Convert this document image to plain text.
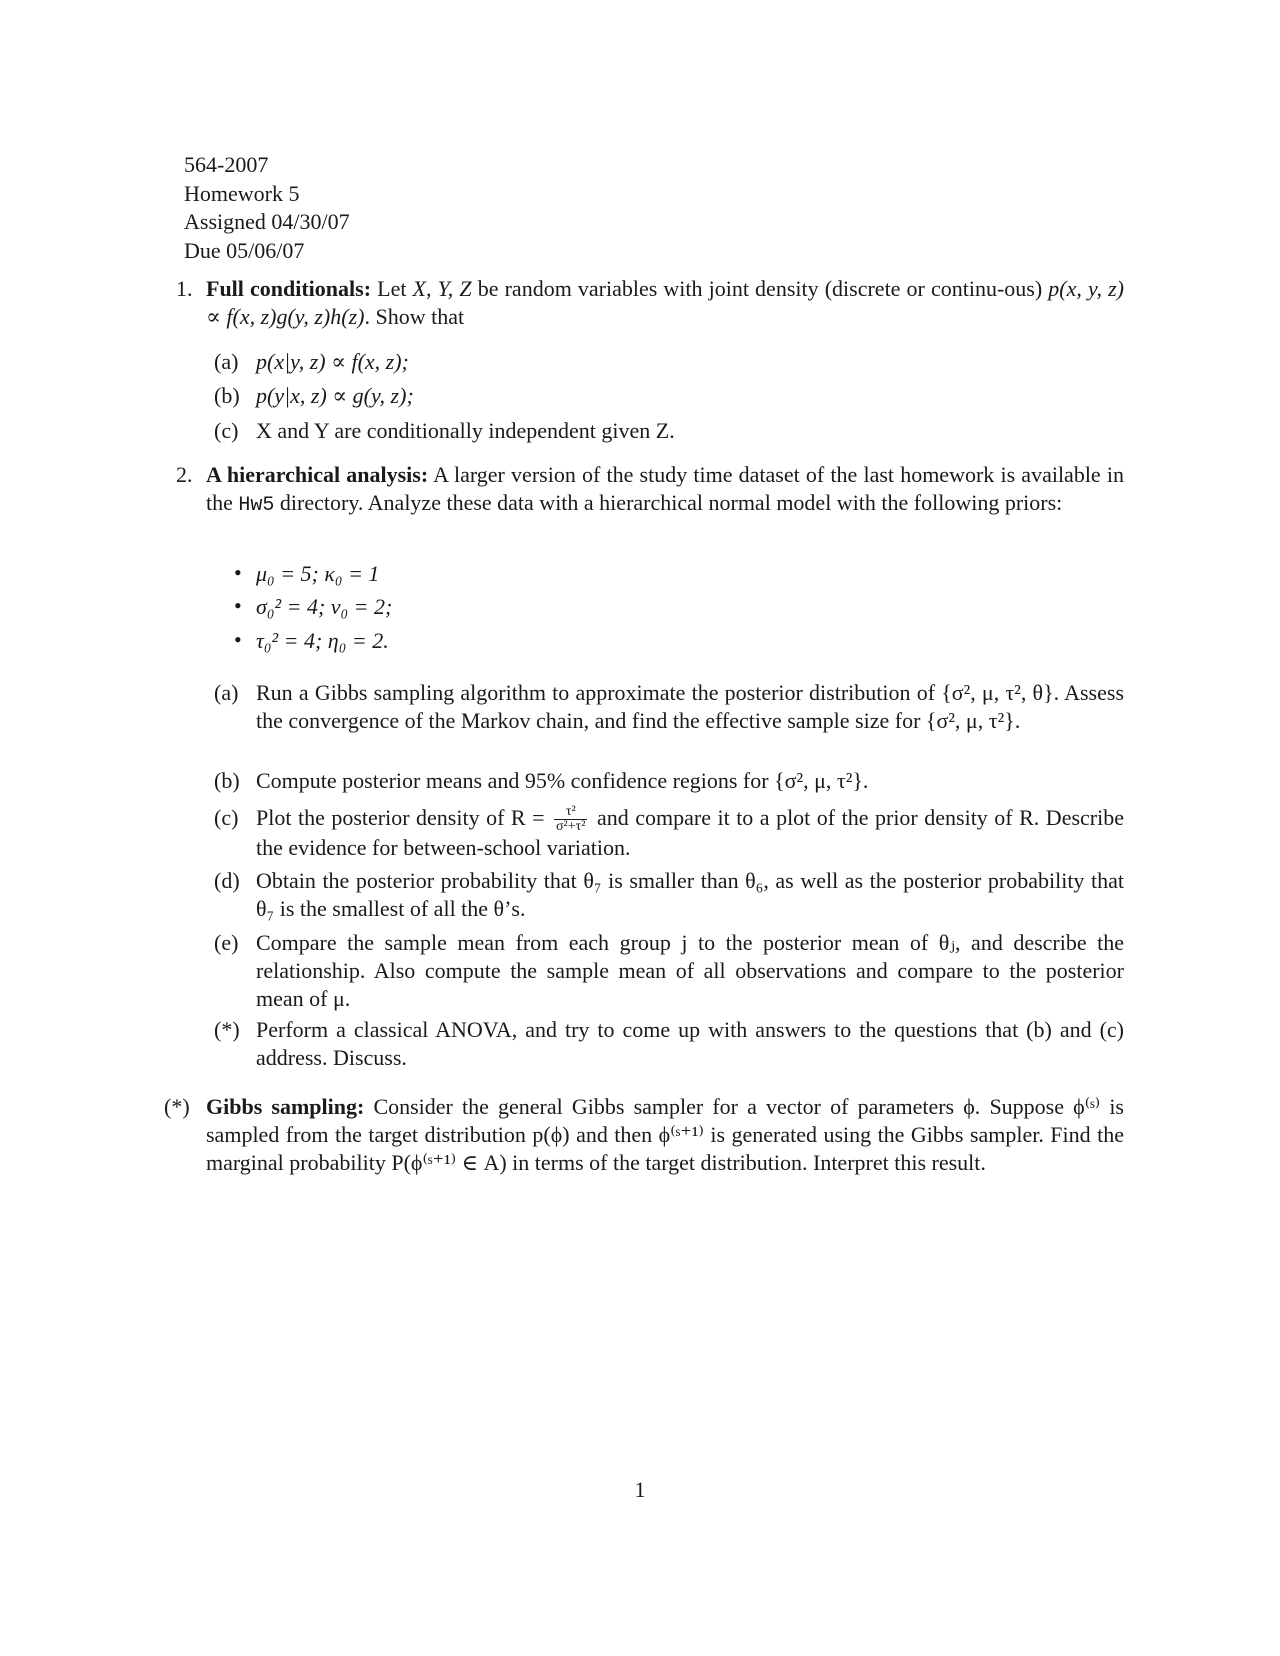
564-2007
Homework 5
Assigned 04/30/07
Due 05/06/07
1. Full conditionals: Let X, Y, Z be random variables with joint density (discrete or continu-ous) p(x, y, z) ∝ f(x, z)g(y, z)h(z). Show that
(a) p(x|y, z) ∝ f(x, z);
(b) p(y|x, z) ∝ g(y, z);
(c) X and Y are conditionally independent given Z.
2. A hierarchical analysis: A larger version of the study time dataset of the last homework is available in the Hw5 directory. Analyze these data with a hierarchical normal model with the following priors:
• μ₀ = 5; κ₀ = 1
• σ₀² = 4; ν₀ = 2;
• τ₀² = 4; η₀ = 2.
(a) Run a Gibbs sampling algorithm to approximate the posterior distribution of {σ², μ, τ², θ}. Assess the convergence of the Markov chain, and find the effective sample size for {σ², μ, τ²}.
(b) Compute posterior means and 95% confidence regions for {σ², μ, τ²}.
(c) Plot the posterior density of $R = \frac{\text{τ²}}{\text{σ²+τ²}}$ and compare it to a plot of the prior density of R. Describe the evidence for between-school variation.
(d) Obtain the posterior probability that θ₇ is smaller than θ₆, as well as the posterior probability that θ₇ is the smallest of all the θ’s.
(e) Compare the sample mean from each group j to the posterior mean of θⱼ, and describe the relationship. Also compute the sample mean of all observations and compare to the posterior mean of μ.
(*) Perform a classical ANOVA, and try to come up with answers to the questions that (b) and (c) address. Discuss.
(*) Gibbs sampling: Consider the general Gibbs sampler for a vector of parameters ϕ. Suppose ϕ⁽ˢ⁾ is sampled from the target distribution p(ϕ) and then ϕ⁽ˢ⁺¹⁾ is generated using the Gibbs sampler. Find the marginal probability P(ϕ⁽ˢ⁺¹⁾ ∈ A) in terms of the target distribution. Interpret this result.
1
